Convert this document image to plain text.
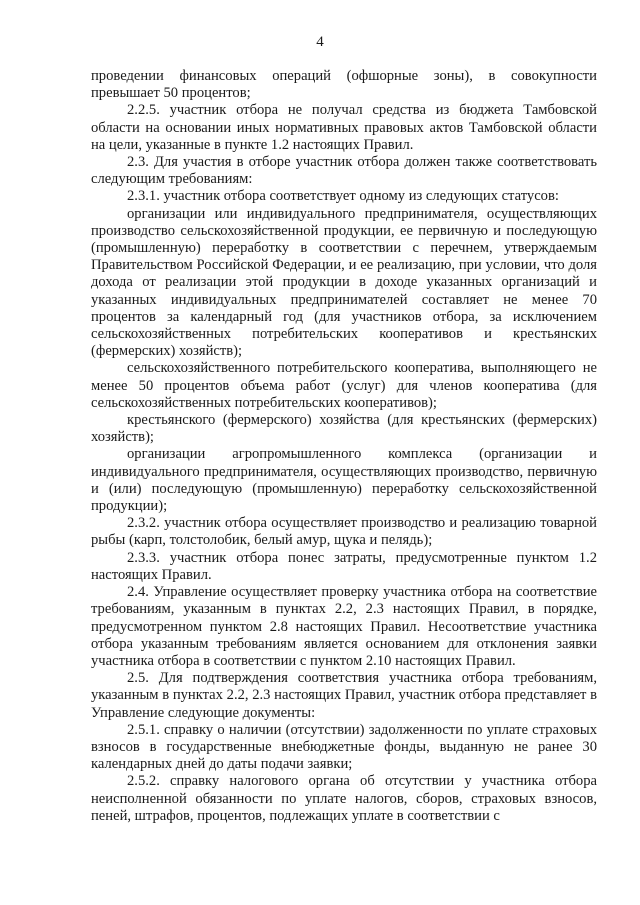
4

проведении финансовых операций (офшорные зоны), в совокупности превышает 50 процентов;

2.2.5. участник отбора не получал средства из бюджета Тамбовской области на основании иных нормативных правовых актов Тамбовской области на цели, указанные в пункте 1.2 настоящих Правил.

2.3. Для участия в отборе участник отбора должен также соответствовать следующим требованиям:

2.3.1. участник отбора соответствует одному из следующих статусов:

организации или индивидуального предпринимателя, осуществляющих производство сельскохозяйственной продукции, ее первичную и последующую (промышленную) переработку в соответствии с перечнем, утверждаемым Правительством Российской Федерации, и ее реализацию, при условии, что доля дохода от реализации этой продукции в доходе указанных организаций и указанных индивидуальных предпринимателей составляет не менее 70 процентов за календарный год (для участников отбора, за исключением сельскохозяйственных потребительских кооперативов и крестьянских (фермерских) хозяйств);

сельскохозяйственного потребительского кооператива, выполняющего не менее 50 процентов объема работ (услуг) для членов кооператива (для сельскохозяйственных потребительских кооперативов);

крестьянского (фермерского) хозяйства (для крестьянских (фермерских) хозяйств);

организации агропромышленного комплекса (организации и индивидуального предпринимателя, осуществляющих производство, первичную и (или) последующую (промышленную) переработку сельскохозяйственной продукции);

2.3.2. участник отбора осуществляет производство и реализацию товарной рыбы (карп, толстолобик, белый амур, щука и пелядь);

2.3.3. участник отбора понес затраты, предусмотренные пунктом 1.2 настоящих Правил.

2.4. Управление осуществляет проверку участника отбора на соответствие требованиям, указанным в пунктах 2.2, 2.3 настоящих Правил, в порядке, предусмотренном пунктом 2.8 настоящих Правил. Несоответствие участника отбора указанным требованиям является основанием для отклонения заявки участника отбора в соответствии с пунктом 2.10 настоящих Правил.

2.5. Для подтверждения соответствия участника отбора требованиям, указанным в пунктах 2.2, 2.3 настоящих Правил, участник отбора представляет в Управление следующие документы:

2.5.1. справку о наличии (отсутствии) задолженности по уплате страховых взносов в государственные внебюджетные фонды, выданную не ранее 30 календарных дней до даты подачи заявки;

2.5.2. справку налогового органа об отсутствии у участника отбора неисполненной обязанности по уплате налогов, сборов, страховых взносов, пеней, штрафов, процентов, подлежащих уплате в соответствии с
